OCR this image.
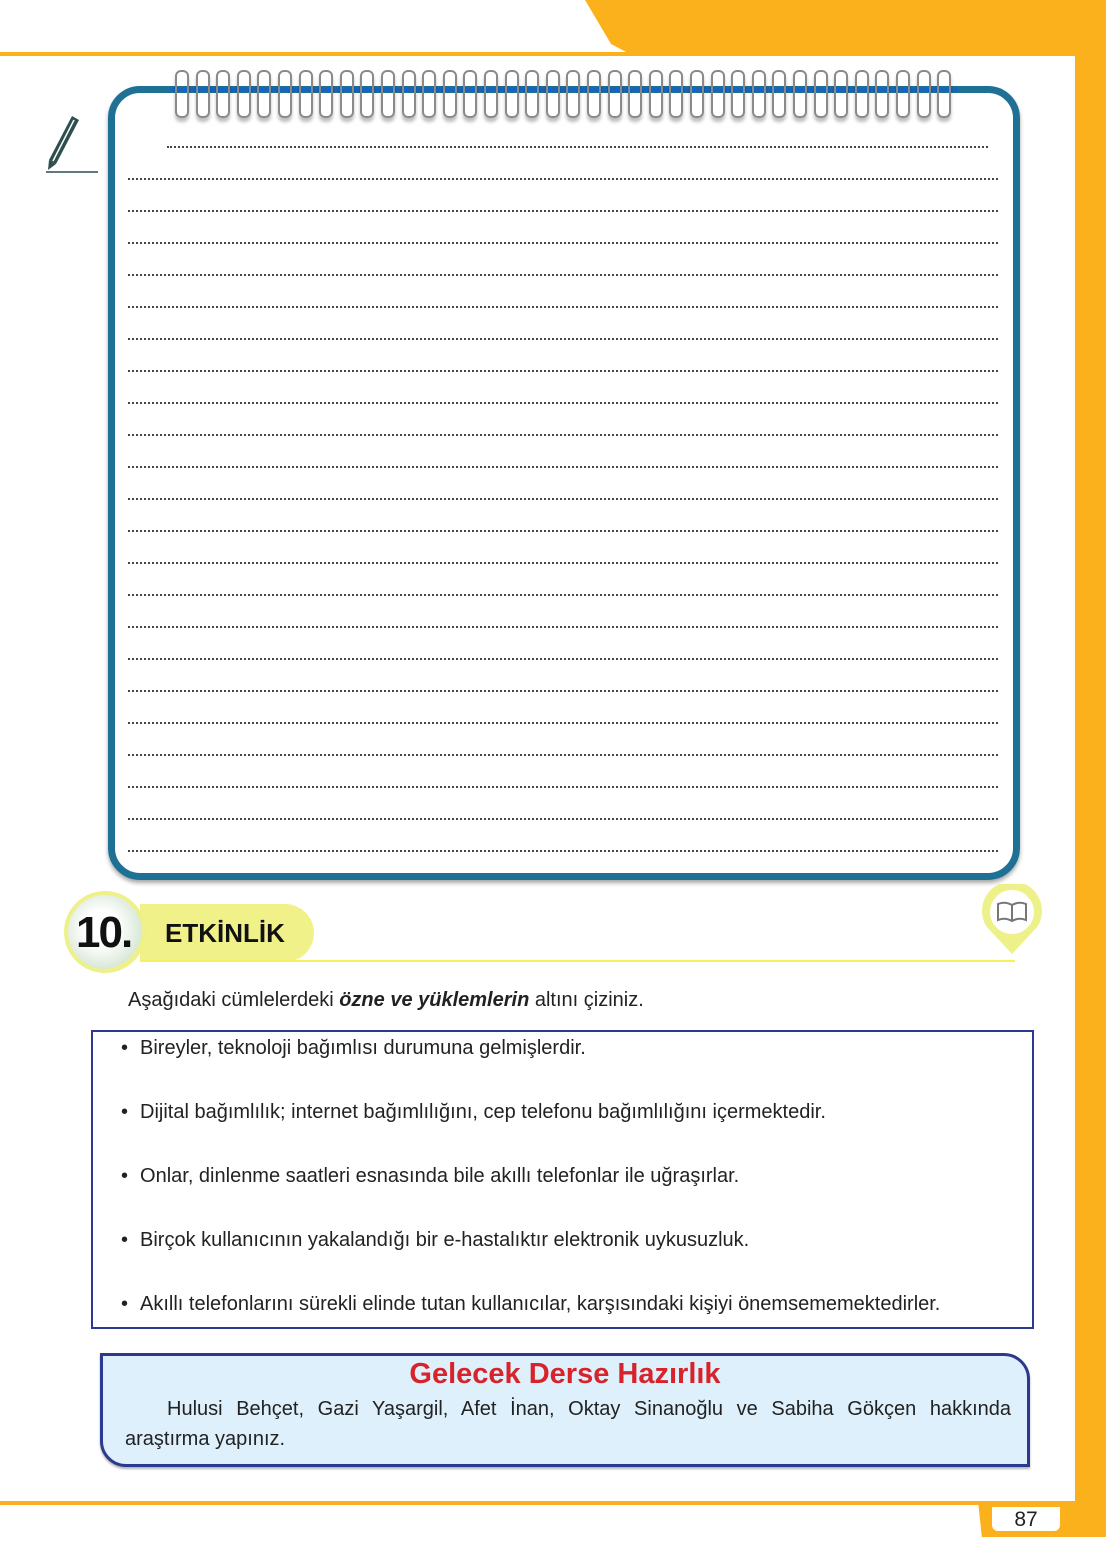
87
10. ETKİNLİK
Aşağıdaki cümlelerdeki özne ve yüklemlerin altını çiziniz.
• Bireyler, teknoloji bağımlısı durumuna gelmişlerdir.
• Dijital bağımlılık; internet bağımlılığını, cep telefonu bağımlılığını içermektedir.
• Onlar, dinlenme saatleri esnasında bile akıllı telefonlar ile uğraşırlar.
• Birçok kullanıcının yakalandığı bir e-hastalıktır elektronik uykusuzluk.
• Akıllı telefonlarını sürekli elinde tutan kullanıcılar, karşısındaki kişiyi önemsememektedirler.
Gelecek Derse Hazırlık
Hulusi Behçet, Gazi Yaşargil, Afet İnan, Oktay Sinanoğlu ve Sabiha Gökçen hakkında araştırma yapınız.
